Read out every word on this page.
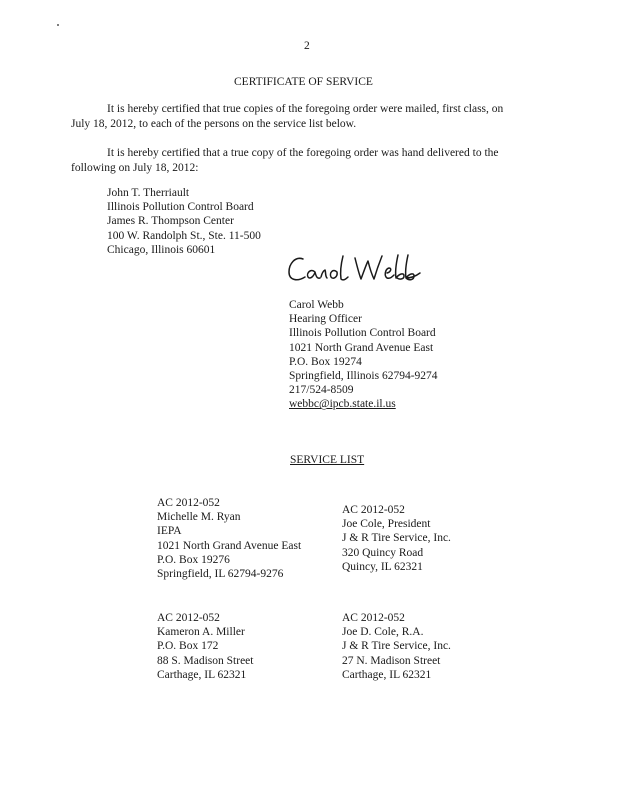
2
CERTIFICATE OF SERVICE
It is hereby certified that true copies of the foregoing order were mailed, first class, on
July 18, 2012, to each of the persons on the service list below.
It is hereby certified that a true copy of the foregoing order was hand delivered to the
following on July 18, 2012:
John T. Therriault
Illinois Pollution Control Board
James R. Thompson Center
100 W. Randolph St., Ste. 11-500
Chicago, Illinois 60601
Carol Webb
Hearing Officer
Illinois Pollution Control Board
1021 North Grand Avenue East
P.O. Box 19274
Springfield, Illinois 62794-9274
217/524-8509
webbc@ipcb.state.il.us
SERVICE LIST
AC 2012-052
Michelle M. Ryan
IEPA
1021 North Grand Avenue East
P.O. Box 19276
Springfield, IL 62794-9276
AC 2012-052
Joe Cole, President
J & R Tire Service, Inc.
320 Quincy Road
Quincy, IL 62321
AC 2012-052
Kameron A. Miller
P.O. Box 172
88 S. Madison Street
Carthage, IL 62321
AC 2012-052
Joe D. Cole, R.A.
J & R Tire Service, Inc.
27 N. Madison Street
Carthage, IL 62321
